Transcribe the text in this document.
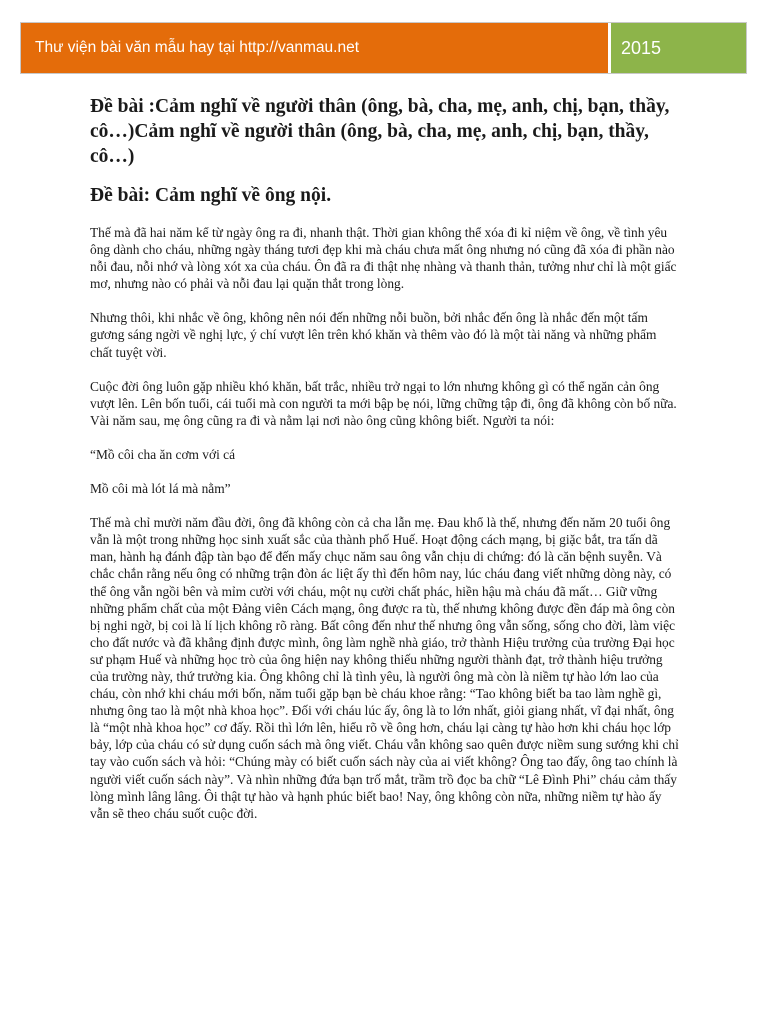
Thư viện bài văn mẫu hay tại http://vanmau.net	2015
Đề bài :Cảm nghĩ về người thân (ông, bà, cha, mẹ, anh, chị, bạn, thầy, cô…)Cảm nghĩ về người thân (ông, bà, cha, mẹ, anh, chị, bạn, thầy, cô…)
Đề bài: Cảm nghĩ về ông nội.

Thế mà đã hai năm kể từ ngày ông ra đi, nhanh thật. Thời gian không thể xóa đi kỉ niệm về ông, về tình yêu ông dành cho cháu, những ngày tháng tươi đẹp khi mà cháu chưa mất ông nhưng nó cũng đã xóa đi phần nào nỗi đau, nỗi nhớ và lòng xót xa của cháu. Ôn đã ra đi thật nhẹ nhàng và thanh thản, tưởng như chỉ là một giấc mơ, nhưng nào có phải và nỗi đau lại quặn thắt trong lòng.

Nhưng thôi, khi nhắc về ông, không nên nói đến những nỗi buồn, bởi nhắc đến ông là nhắc đến một tấm gương sáng ngời về nghị lực, ý chí vượt lên trên khó khăn và thêm vào đó là một tài năng và những phẩm chất tuyệt vời.

Cuộc đời ông luôn gặp nhiều khó khăn, bất trắc, nhiều trở ngại to lớn nhưng không gì có thể ngăn cản ông vượt lên. Lên bốn tuổi, cái tuổi mà con người ta mới bập bẹ nói, lững chững tập đi, ông đã không còn bố nữa. Vài năm sau, mẹ ông cũng ra đi và nằm lại nơi nào ông cũng không biết. Người ta nói:

“Mồ côi cha ăn cơm với cá

Mồ côi mà lót lá mà nằm”

Thế mà chỉ mười năm đầu đời, ông đã không còn cả cha lẫn mẹ. Đau khổ là thế, nhưng đến năm 20 tuổi ông vẫn là một trong những học sinh xuất sắc của thành phố Huế. Hoạt động cách mạng, bị giặc bắt, tra tấn dã man, hành hạ đánh đập tàn bạo để đến mấy chục năm sau ông vẫn chịu di chứng: đó là căn bệnh suyễn. Và chắc chắn rằng nếu ông có những trận đòn ác liệt ấy thì đến hôm nay, lúc cháu đang viết những dòng này, có thể ông vẫn ngồi bên và mỉm cười với cháu, một nụ cười chất phác, hiền hậu mà cháu đã mất… Giữ vững những phẩm chất của một Đảng viên Cách mạng, ông được ra tù, thế nhưng không được đền đáp mà ông còn bị nghi ngờ, bị coi là lí lịch không rõ ràng. Bất công đến như thế nhưng ông vẫn sống, sống cho đời, làm việc cho đất nước và đã khẳng định được mình, ông làm nghề nhà giáo, trở thành Hiệu trưởng của trường Đại học sư phạm Huế và những học trò của ông hiện nay không thiếu những người thành đạt, trở thành hiệu trưởng của trường này, thứ trưởng kia. Ông không chỉ là tình yêu, là người ông mà còn là niềm tự hào lớn lao của cháu, còn nhớ khi cháu mới bốn, năm tuổi gặp bạn bè cháu khoe rằng: “Tao không biết ba tao làm nghề gì, nhưng ông tao là một nhà khoa học”. Đối với cháu lúc ấy, ông là to lớn nhất, giỏi giang nhất, vĩ đại nhất, ông là “một nhà khoa học” cơ đấy. Rồi thì lớn lên, hiểu rõ về ông hơn, cháu lại càng tự hào hơn khi cháu học lớp bảy, lớp của cháu có sử dụng cuốn sách mà ông viết. Cháu vẫn không sao quên được niềm sung sướng khi chỉ tay vào cuốn sách và hỏi: “Chúng mày có biết cuốn sách này của ai viết không? Ông tao đấy, ông tao chính là người viết cuốn sách này”. Và nhìn những đứa bạn trố mắt, trầm trồ đọc ba chữ “Lê Đình Phi” cháu cảm thấy lòng mình lâng lâng. Ôi thật tự hào và hạnh phúc biết bao! Nay, ông không còn nữa, những niềm tự hào ấy vẫn sẽ theo cháu suốt cuộc đời.
